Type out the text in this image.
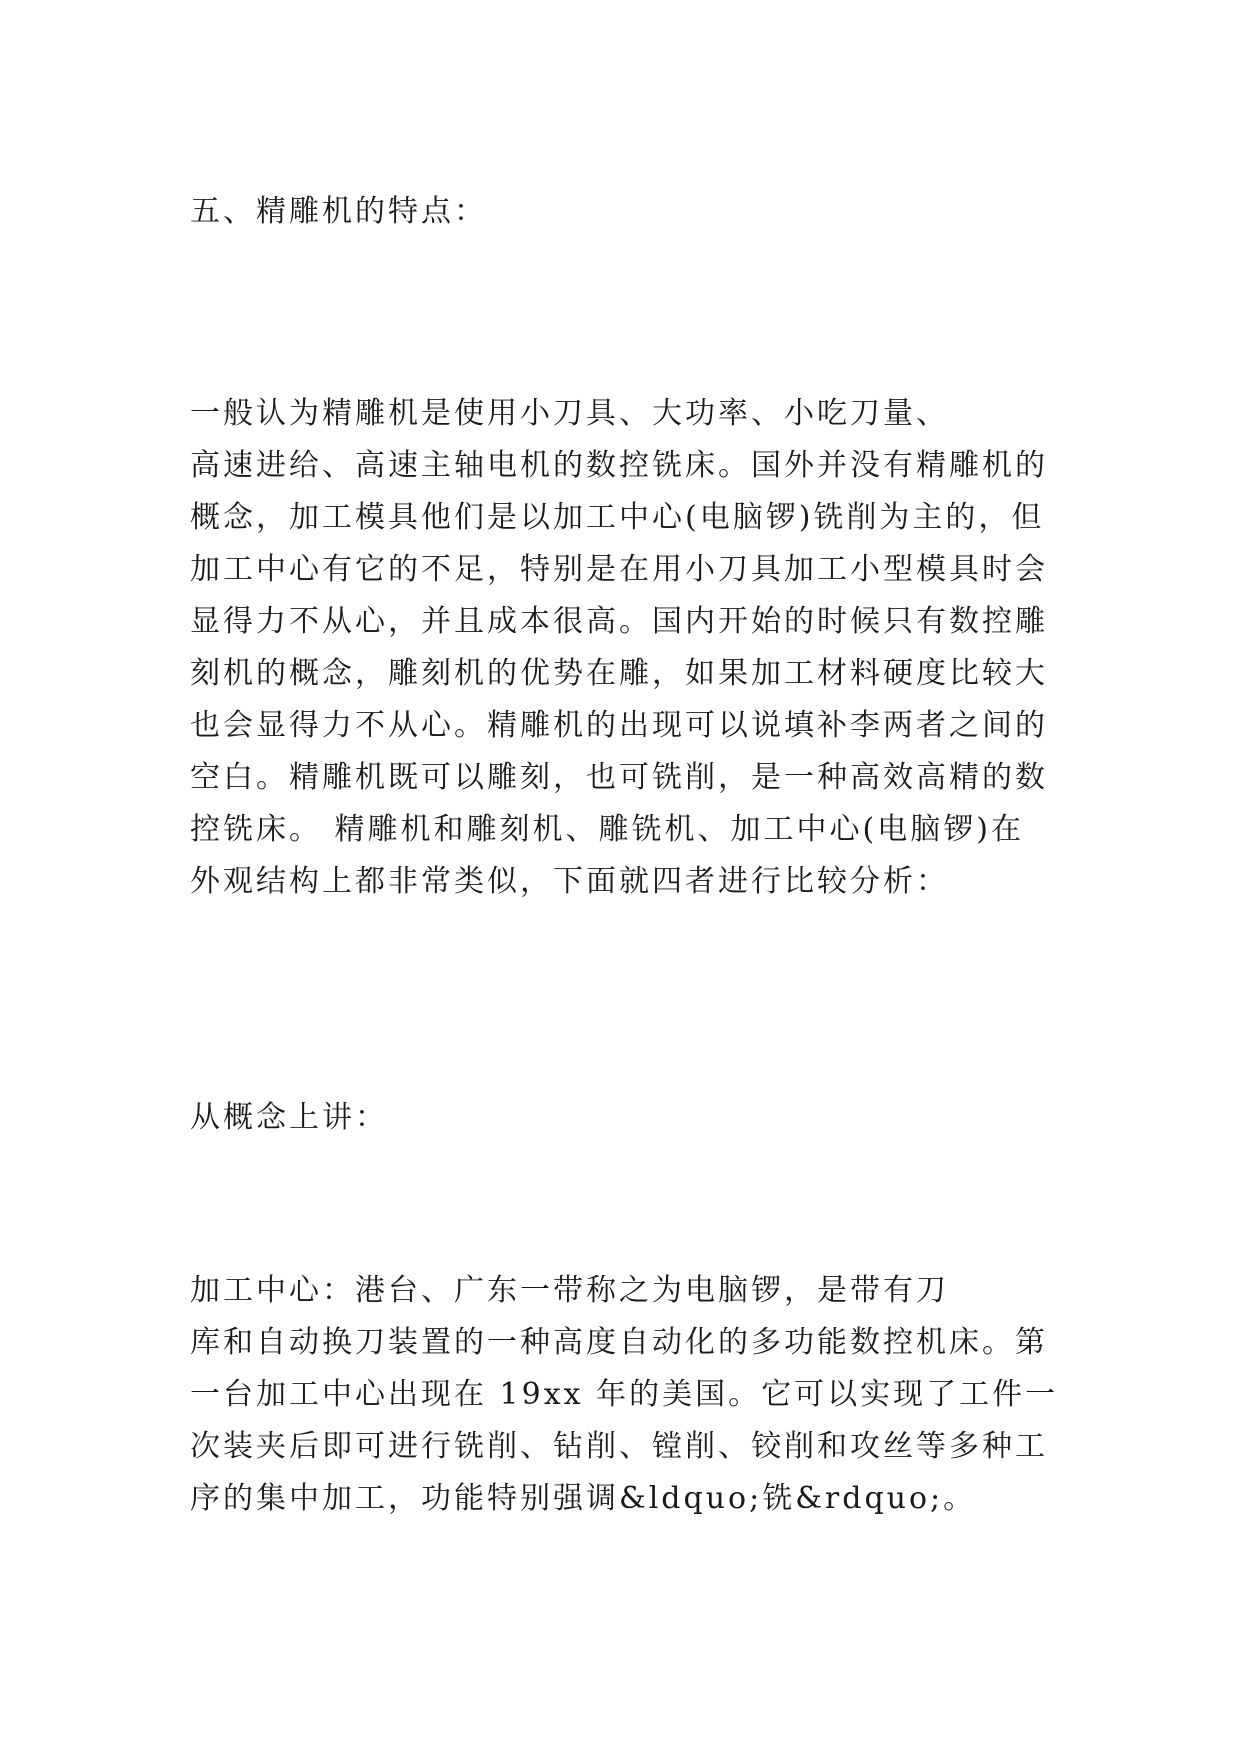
五、精雕机的特点：

一般认为精雕机是使用小刀具、大功率、小吃刀量、
高速进给、高速主轴电机的数控铣床。国外并没有精雕机的
概念，加工模具他们是以加工中心(电脑锣)铣削为主的，但
加工中心有它的不足，特别是在用小刀具加工小型模具时会
显得力不从心，并且成本很高。国内开始的时候只有数控雕
刻机的概念，雕刻机的优势在雕，如果加工材料硬度比较大
也会显得力不从心。精雕机的出现可以说填补李两者之间的
空白。精雕机既可以雕刻，也可铣削，是一种高效高精的数
控铣床。 精雕机和雕刻机、雕铣机、加工中心(电脑锣)在
外观结构上都非常类似，下面就四者进行比较分析：

从概念上讲：

加工中心：港台、广东一带称之为电脑锣，是带有刀
库和自动换刀装置的一种高度自动化的多功能数控机床。第
一台加工中心出现在 19xx 年的美国。它可以实现了工件一
次装夹后即可进行铣削、钻削、镗削、铰削和攻丝等多种工
序的集中加工，功能特别强调&ldquo;铣&rdquo;。
